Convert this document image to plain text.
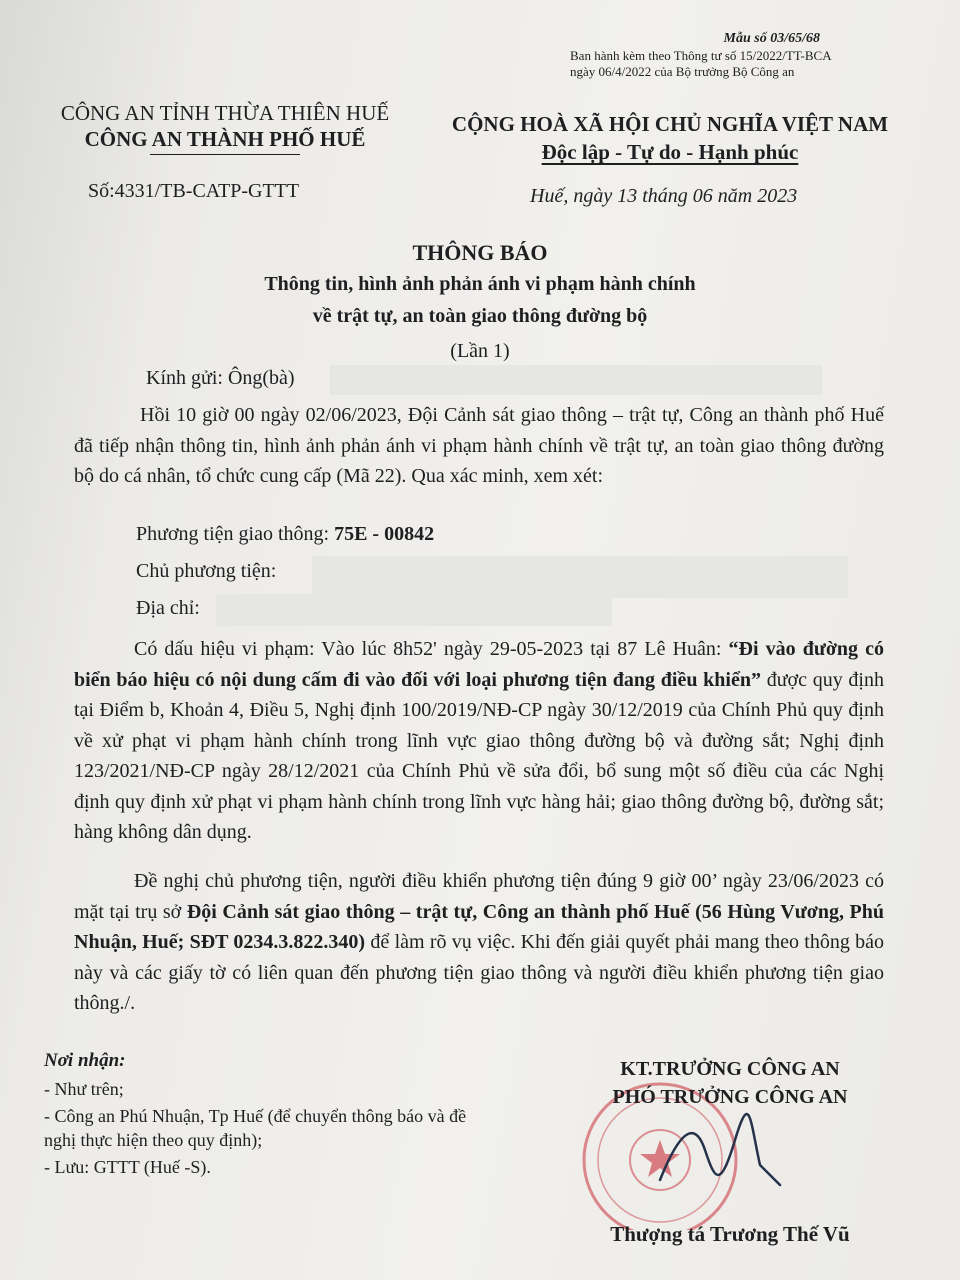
Mẫu số 03/65/68
Ban hành kèm theo Thông tư số 15/2022/TT-BCA
ngày 06/4/2022 của Bộ trưởng Bộ Công an
CÔNG AN TỈNH THỪA THIÊN HUẾ
CÔNG AN THÀNH PHỐ HUẾ
CỘNG HOÀ XÃ HỘI CHỦ NGHĨA VIỆT NAM
Độc lập - Tự do - Hạnh phúc
Số:4331/TB-CATP-GTTT	Huế, ngày 13 tháng 06 năm 2023
THÔNG BÁO
Thông tin, hình ảnh phản ánh vi phạm hành chính
về trật tự, an toàn giao thông đường bộ
(Lần 1)
Kính gửi: Ông(bà)
Hồi 10 giờ 00 ngày 02/06/2023, Đội Cảnh sát giao thông – trật tự, Công an thành phố Huế đã tiếp nhận thông tin, hình ảnh phản ánh vi phạm hành chính về trật tự, an toàn giao thông đường bộ do cá nhân, tổ chức cung cấp (Mã 22). Qua xác minh, xem xét:
Phương tiện giao thông: 75E - 00842
Chủ phương tiện:
Địa chỉ:
Có dấu hiệu vi phạm: Vào lúc 8h52' ngày 29-05-2023 tại 87 Lê Huân: “Đi vào đường có biển báo hiệu có nội dung cấm đi vào đối với loại phương tiện đang điều khiển” được quy định tại Điểm b, Khoản 4, Điều 5, Nghị định 100/2019/NĐ-CP ngày 30/12/2019 của Chính Phủ quy định về xử phạt vi phạm hành chính trong lĩnh vực giao thông đường bộ và đường sắt; Nghị định 123/2021/NĐ-CP ngày 28/12/2021 của Chính Phủ về sửa đổi, bổ sung một số điều của các Nghị định quy định xử phạt vi phạm hành chính trong lĩnh vực hàng hải; giao thông đường bộ, đường sắt; hàng không dân dụng.
Đề nghị chủ phương tiện, người điều khiển phương tiện đúng 9 giờ 00’ ngày 23/06/2023 có mặt tại trụ sở Đội Cảnh sát giao thông – trật tự, Công an thành phố Huế (56 Hùng Vương, Phú Nhuận, Huế; SĐT 0234.3.822.340) để làm rõ vụ việc. Khi đến giải quyết phải mang theo thông báo này và các giấy tờ có liên quan đến phương tiện giao thông và người điều khiển phương tiện giao thông./.
Nơi nhận:
- Như trên;
- Công an Phú Nhuận, Tp Huế (để chuyển thông báo và đề nghị thực hiện theo quy định);
- Lưu: GTTT (Huế -S).
KT.TRƯỞNG CÔNG AN
PHÓ TRƯỞNG CÔNG AN
Thượng tá Trương Thế Vũ
